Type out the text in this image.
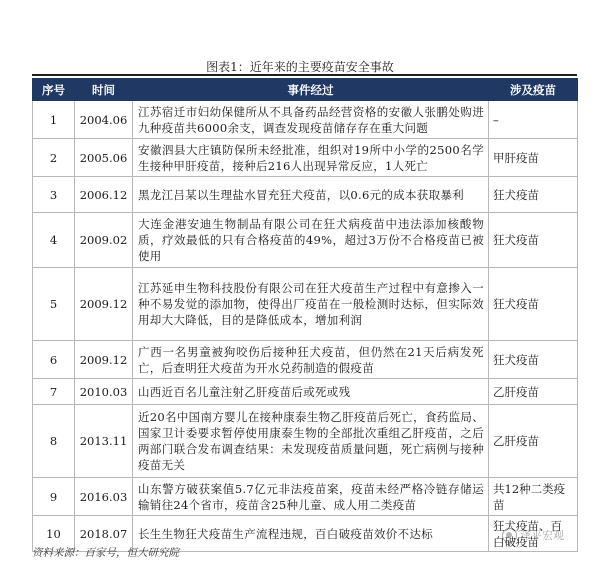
图表1：近年来的主要疫苗安全事故
序号	时间	事件经过	涉及疫苗
1	2004.06	江苏宿迁市妇幼保健所从不具备药品经营资格的安徽人张鹏处购进九种疫苗共6000余支，调查发现疫苗储存存在重大问题	–
2	2005.06	安徽泗县大庄镇防保所未经批准，组织对19所中小学的2500名学生接种甲肝疫苗，接种后216人出现异常反应，1人死亡	甲肝疫苗
3	2006.12	黑龙江吕某以生理盐水冒充狂犬疫苗，以0.6元的成本获取暴利	狂犬疫苗
4	2009.02	大连金港安迪生物制品有限公司在狂犬病疫苗中违法添加核酸物质，疗效最低的只有合格疫苗的49%，超过3万份不合格疫苗已被使用	狂犬疫苗
5	2009.12	江苏延申生物科技股份有限公司在狂犬疫苗生产过程中有意掺入一种不易发觉的添加物，使得出厂疫苗在一般检测时达标，但实际效用却大大降低，目的是降低成本，增加利润	狂犬疫苗
6	2009.12	广西一名男童被狗咬伤后接种狂犬疫苗，但仍然在21天后病发死亡，后查明狂犬疫苗为开水兑药制造的假疫苗	狂犬疫苗
7	2010.03	山西近百名儿童注射乙肝疫苗后或死或残	乙肝疫苗
8	2013.11	近20名中国南方婴儿在接种康泰生物乙肝疫苗后死亡，食药监局、国家卫计委要求暂停使用康泰生物的全部批次重组乙肝疫苗，之后两部门联合发布调查结果：未发现疫苗质量问题，死亡病例与接种疫苗无关	乙肝疫苗
9	2016.03	山东警方破获案值5.7亿元非法疫苗案，疫苗未经严格冷链存储运输销往24个省市，疫苗含25种儿童、成人用二类疫苗	共12种二类疫苗
10	2018.07	长生生物狂犬疫苗生产流程违规，百白破疫苗效价不达标	狂犬疫苗、百白破疫苗
资料来源：百家号，恒大研究院
泽平宏观
